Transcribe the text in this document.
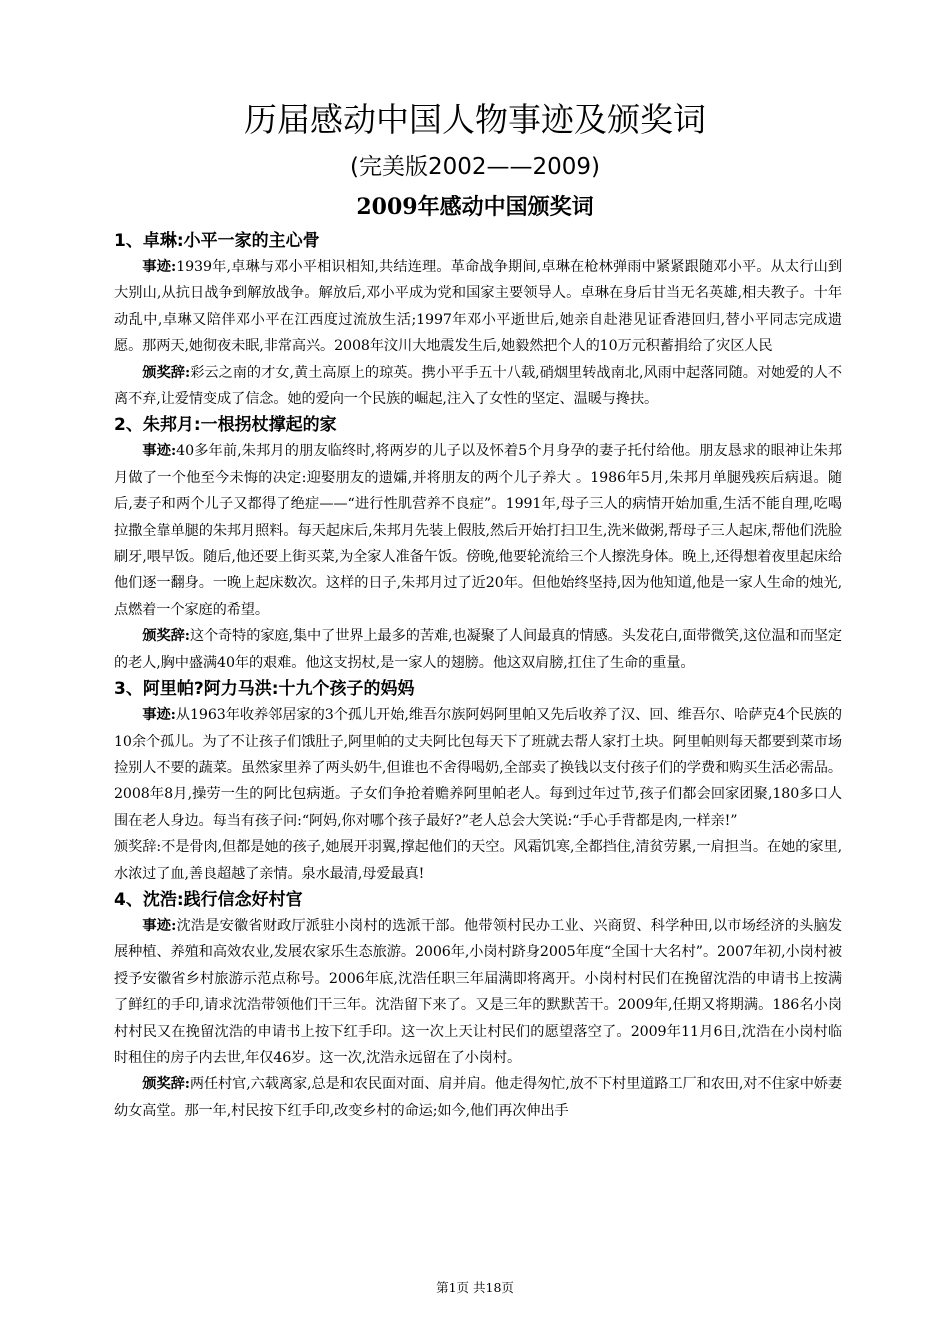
历届感动中国人物事迹及颁奖词
(完美版2002——2009)
2009年感动中国颁奖词
1、卓琳:小平一家的主心骨

事迹:1939年,卓琳与邓小平相识相知,共结连理。革命战争期间,卓琳在枪林弹雨中紧紧跟随邓小平。从太行山到大别山,从抗日战争到解放战争。解放后,邓小平成为党和国家主要领导人。卓琳在身后甘当无名英雄,相夫教子。十年动乱中,卓琳又陪伴邓小平在江西度过流放生活;1997年邓小平逝世后,她亲自赴港见证香港回归,替小平同志完成遗愿。那两天,她彻夜未眠,非常高兴。2008年汶川大地震发生后,她毅然把个人的10万元积蓄捐给了灾区人民

颁奖辞:彩云之南的才女,黄土高原上的琼英。携小平手五十八载,硝烟里转战南北,风雨中起落同随。对她爱的人不离不弃,让爱情变成了信念。她的爱向一个民族的崛起,注入了女性的坚定、温暖与搀扶。

2、朱邦月:一根拐杖撑起的家

事迹:40多年前,朱邦月的朋友临终时,将两岁的儿子以及怀着5个月身孕的妻子托付给他。朋友恳求的眼神让朱邦月做了一个他至今未悔的决定:迎娶朋友的遗孀,并将朋友的两个儿子养大 。1986年5月,朱邦月单腿残疾后病退。随后,妻子和两个儿子又都得了绝症——“进行性肌营养不良症”。1991年,母子三人的病情开始加重,生活不能自理,吃喝拉撒全靠单腿的朱邦月照料。每天起床后,朱邦月先装上假肢,然后开始打扫卫生,洗米做粥,帮母子三人起床,帮他们洗脸刷牙,喂早饭。随后,他还要上街买菜,为全家人准备午饭。傍晚,他要轮流给三个人擦洗身体。晚上,还得想着夜里起床给他们逐一翻身。一晚上起床数次。这样的日子,朱邦月过了近20年。但他始终坚持,因为他知道,他是一家人生命的烛光,点燃着一个家庭的希望。

颁奖辞:这个奇特的家庭,集中了世界上最多的苦难,也凝聚了人间最真的情感。头发花白,面带微笑,这位温和而坚定的老人,胸中盛满40年的艰难。他这支拐杖,是一家人的翅膀。他这双肩膀,扛住了生命的重量。

3、阿里帕?阿力马洪:十九个孩子的妈妈

事迹:从1963年收养邻居家的3个孤儿开始,维吾尔族阿妈阿里帕又先后收养了汉、回、维吾尔、哈萨克4个民族的10余个孤儿。为了不让孩子们饿肚子,阿里帕的丈夫阿比包每天下了班就去帮人家打土块。阿里帕则每天都要到菜市场捡别人不要的蔬菜。虽然家里养了两头奶牛,但谁也不舍得喝奶,全部卖了换钱以支付孩子们的学费和购买生活必需品。2008年8月,操劳一生的阿比包病逝。子女们争抢着赡养阿里帕老人。每到过年过节,孩子们都会回家团聚,180多口人围在老人身边。每当有孩子问:“阿妈,你对哪个孩子最好?”老人总会大笑说:“手心手背都是肉,一样亲!”

颁奖辞:不是骨肉,但都是她的孩子,她展开羽翼,撑起他们的天空。风霜饥寒,全都挡住,清贫劳累,一肩担当。在她的家里,水浓过了血,善良超越了亲情。泉水最清,母爱最真!

4、沈浩:践行信念好村官

事迹:沈浩是安徽省财政厅派驻小岗村的选派干部。他带领村民办工业、兴商贸、科学种田,以市场经济的头脑发展种植、养殖和高效农业,发展农家乐生态旅游。2006年,小岗村跻身2005年度“全国十大名村”。2007年初,小岗村被授予安徽省乡村旅游示范点称号。2006年底,沈浩任职三年届满即将离开。小岗村村民们在挽留沈浩的申请书上按满了鲜红的手印,请求沈浩带领他们干三年。沈浩留下来了。又是三年的默默苦干。2009年,任期又将期满。186名小岗村村民又在挽留沈浩的申请书上按下红手印。这一次上天让村民们的愿望落空了。2009年11月6日,沈浩在小岗村临时租住的房子内去世,年仅46岁。这一次,沈浩永远留在了小岗村。

颁奖辞:两任村官,六载离家,总是和农民面对面、肩并肩。他走得匆忙,放不下村里道路工厂和农田,对不住家中娇妻幼女高堂。那一年,村民按下红手印,改变乡村的命运;如今,他们再次伸出手

第1页 共18页
